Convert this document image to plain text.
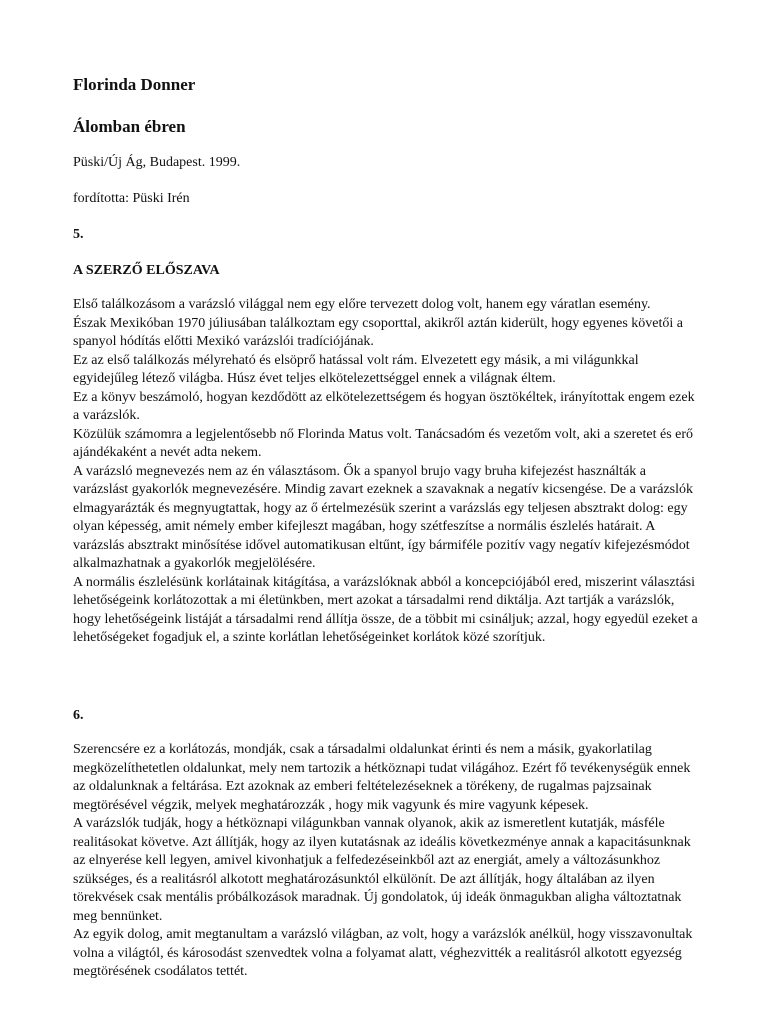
Florinda Donner
Álomban ébren
Püski/Új Ág, Budapest. 1999.
fordította: Püski Irén
5.
A SZERZŐ ELŐSZAVA

Első találkozásom a varázsló világgal nem egy előre tervezett dolog volt, hanem egy váratlan esemény.

Észak Mexikóban 1970 júliusában találkoztam egy csoporttal, akikről aztán kiderült, hogy egyenes követői a spanyol hódítás előtti Mexikó varázslói tradíciójának.

Ez az első találkozás mélyreható és elsöprő hatással volt rám. Elvezetett egy másik, a mi világunkkal egyidejűleg létező világba. Húsz évet teljes elkötelezettséggel ennek a világnak éltem.

Ez a könyv beszámoló, hogyan kezdődött az elkötelezettségem és hogyan ösztökéltek, irányítottak engem ezek a varázslók.

Közülük számomra a legjelentősebb nő Florinda Matus volt. Tanácsadóm és vezetőm volt, aki a szeretet és erő ajándékaként a nevét adta nekem.

A varázsló megnevezés nem az én választásom. Ők a spanyol brujo vagy bruha kifejezést használták a varázslást gyakorlók megnevezésére. Mindig zavart ezeknek a szavaknak a negatív kicsengése. De a varázslók elmagyarázták és megnyugtattak, hogy az ő értelmezésük szerint a varázslás egy teljesen absztrakt dolog: egy olyan képesség, amit némely ember kifejleszt magában, hogy szétfeszítse a normális észlelés határait. A varázslás absztrakt minősítése idővel automatikusan eltűnt, így bármiféle pozitív vagy negatív kifejezésmódot alkalmazhatnak a gyakorlók megjelölésére.

A normális észlelésünk korlátainak kitágítása, a varázslóknak abból a koncepciójából ered, miszerint választási lehetőségeink korlátozottak a mi életünkben, mert azokat a társadalmi rend diktálja. Azt tartják a varázslók, hogy lehetőségeink listáját a társadalmi rend állítja össze, de a többit mi csináljuk; azzal, hogy egyedül ezeket a lehetőségeket fogadjuk el, a szinte korlátlan lehetőségeinket korlátok közé szorítjuk.

6.

Szerencsére ez a korlátozás, mondják, csak a társadalmi oldalunkat érinti és nem a másik, gyakorlatilag megközelíthetetlen oldalunkat, mely nem tartozik a hétköznapi tudat világához. Ezért fő tevékenységük ennek az oldalunknak a feltárása. Ezt azoknak az emberi feltételezéseknek a törékeny, de rugalmas pajzsainak megtörésével végzik, melyek meghatározzák , hogy mik vagyunk és mire vagyunk képesek.

A varázslók tudják, hogy a hétköznapi világunkban vannak olyanok, akik az ismeretlent kutatják, másféle realitásokat követve. Azt állítják, hogy az ilyen kutatásnak az ideális következménye annak a kapacitásunknak az elnyerése kell legyen, amivel kivonhatjuk a felfedezéseinkből azt az energiát, amely a változásunkhoz szükséges, és a realitásról alkotott meghatározásunktól elkülönít. De azt állítják, hogy általában az ilyen törekvések csak mentális próbálkozások maradnak. Új gondolatok, új ideák önmagukban aligha változtatnak meg bennünket.

Az egyik dolog, amit megtanultam a varázsló világban, az volt, hogy a varázslók anélkül, hogy visszavonultak volna a világtól, és károsodást szenvedtek volna a folyamat alatt, véghezvitték a realitásról alkotott egyezség megtörésének csodálatos tettét.
